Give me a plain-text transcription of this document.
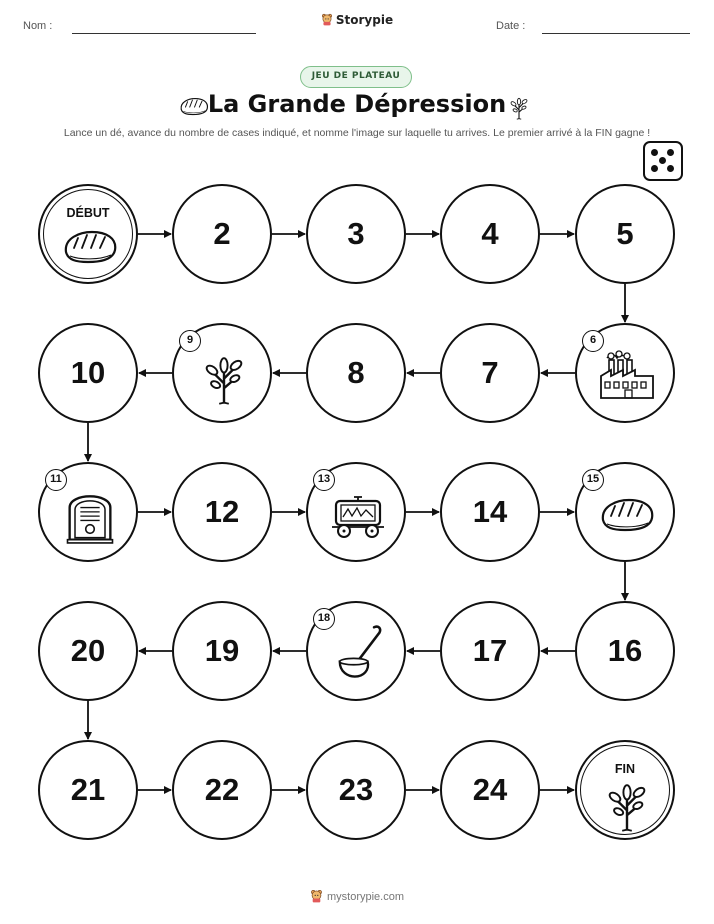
Nom :	Storypie	Date :
JEU DE PLATEAU
La Grande Dépression
Lance un dé, avance du nombre de cases indiqué, et nomme l'image sur laquelle tu arrives. Le premier arrivé à la FIN gagne !
DÉBUT
2	3	4	5
6
7
8
9
10
11
12
13
14
15
16
17
18
19
20
21	22	23	24
FIN
mystorypie.com
